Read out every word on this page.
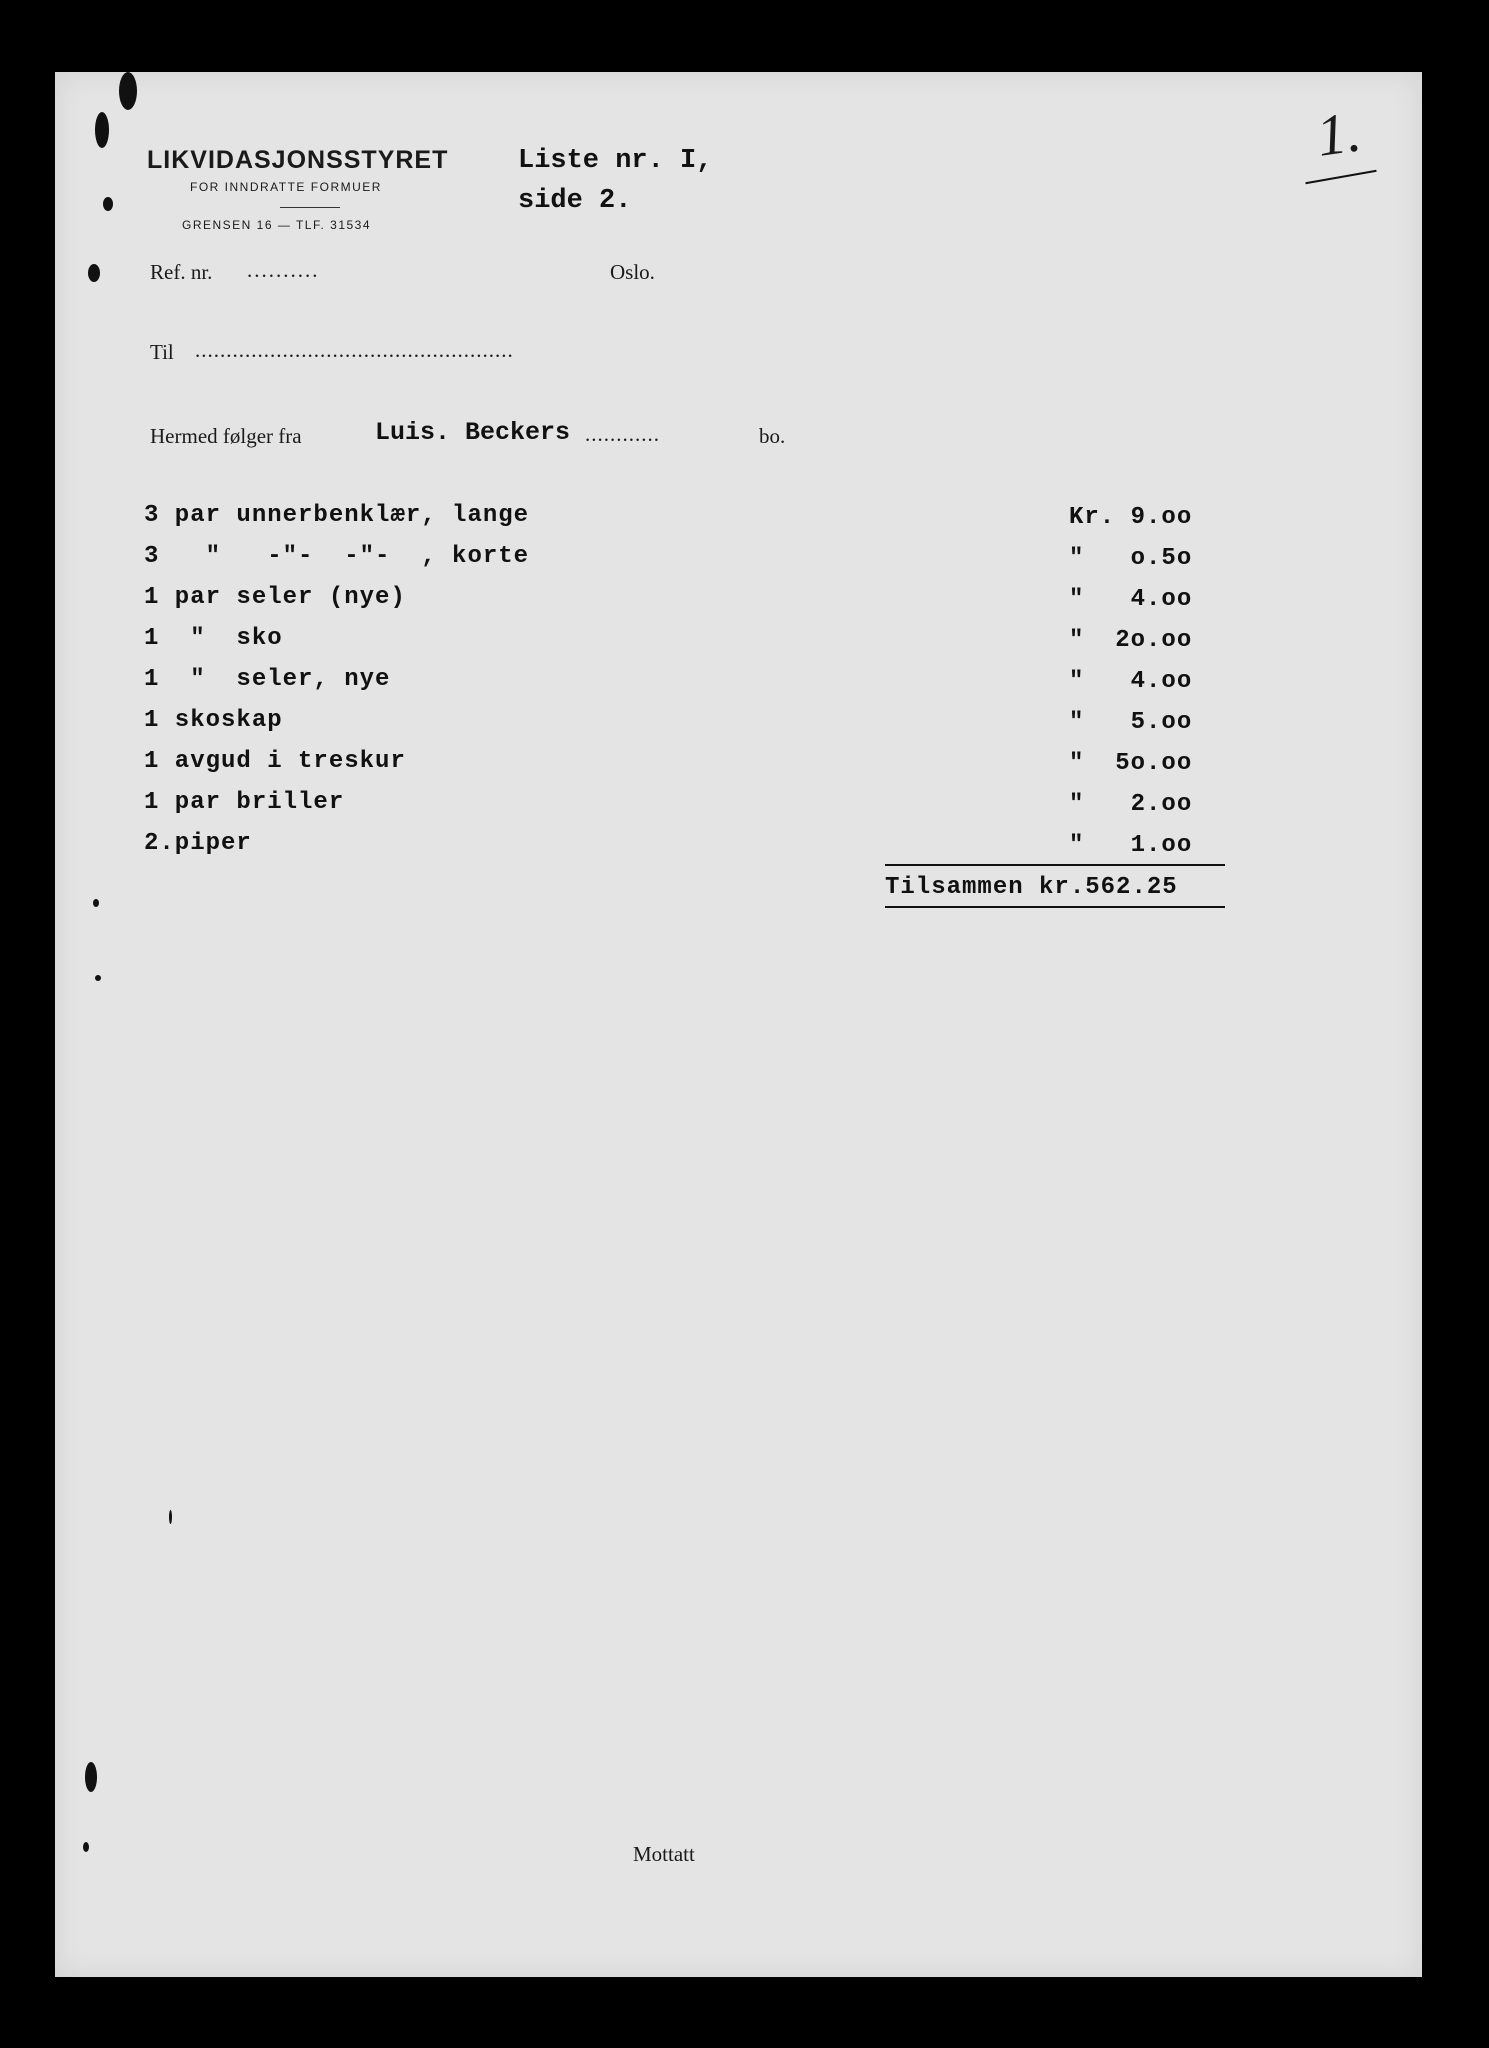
LIKVIDASJONSSTYRET
FOR INNDRATTE FORMUER
GRENSEN 16 — TLF. 31534
Liste nr. I,
side 2.
1.
Ref. nr. ..........	Oslo.
Til ...................................................
Hermed følger fra	Luis. Beckers ............	bo.
3 par unnerbenklær, lange	Kr. 9.oo
3   "   -"-  -"-  , korte	"   o.5o
1 par seler (nye)	"   4.oo
1  "  sko	"  2o.oo
1  "  seler, nye	"   4.oo
1 skoskap	"   5.oo
1 avgud i treskur	"  5o.oo
1 par briller	"   2.oo
2.piper	"   1.oo
Tilsammen kr.562.25
Mottatt
